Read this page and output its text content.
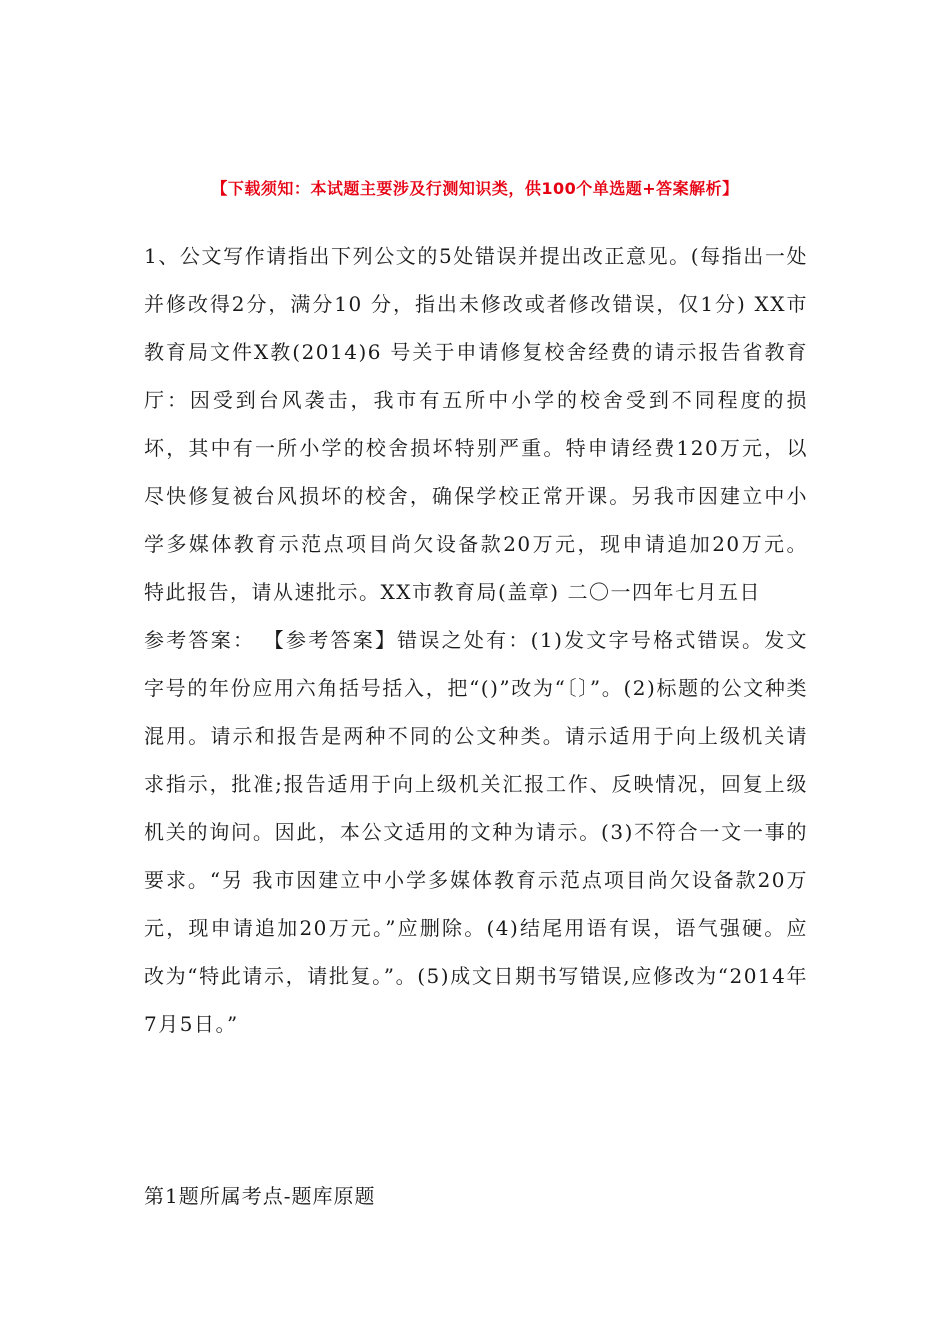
【下载须知：本试题主要涉及行测知识类，供100个单选题+答案解析】

1、公文写作请指出下列公文的5处错误并提出改正意见。(每指出一处并修改得2分，满分10 分，指出未修改或者修改错误，仅1分) XX市教育局文件X教(2014)6 号关于申请修复校舍经费的请示报告省教育厅：因受到台风袭击，我市有五所中小学的校舍受到不同程度的损坏，其中有一所小学的校舍损坏特别严重。特申请经费120万元，以尽快修复被台风损坏的校舍，确保学校正常开课。另我市因建立中小学多媒体教育示范点项目尚欠设备款20万元，现申请追加20万元。 特此报告，请从速批示。XX市教育局(盖章) 二〇一四年七月五日

参考答案： 【参考答案】错误之处有：(1)发文字号格式错误。发文字号的年份应用六角括号括入，把“()”改为“〔〕”。(2)标题的公文种类混用。请示和报告是两种不同的公文种类。请示适用于向上级机关请求指示，批准;报告适用于向上级机关汇报工作、反映情况，回复上级机关的询问。因此，本公文适用的文种为请示。(3)不符合一文一事的要求。“另 我市因建立中小学多媒体教育示范点项目尚欠设备款20万元，现申请追加20万元。”应删除。(4)结尾用语有误，语气强硬。应改为“特此请示，请批复。”。(5)成文日期书写错误,应修改为“2014年7月5日。”

第1题所属考点-题库原题
